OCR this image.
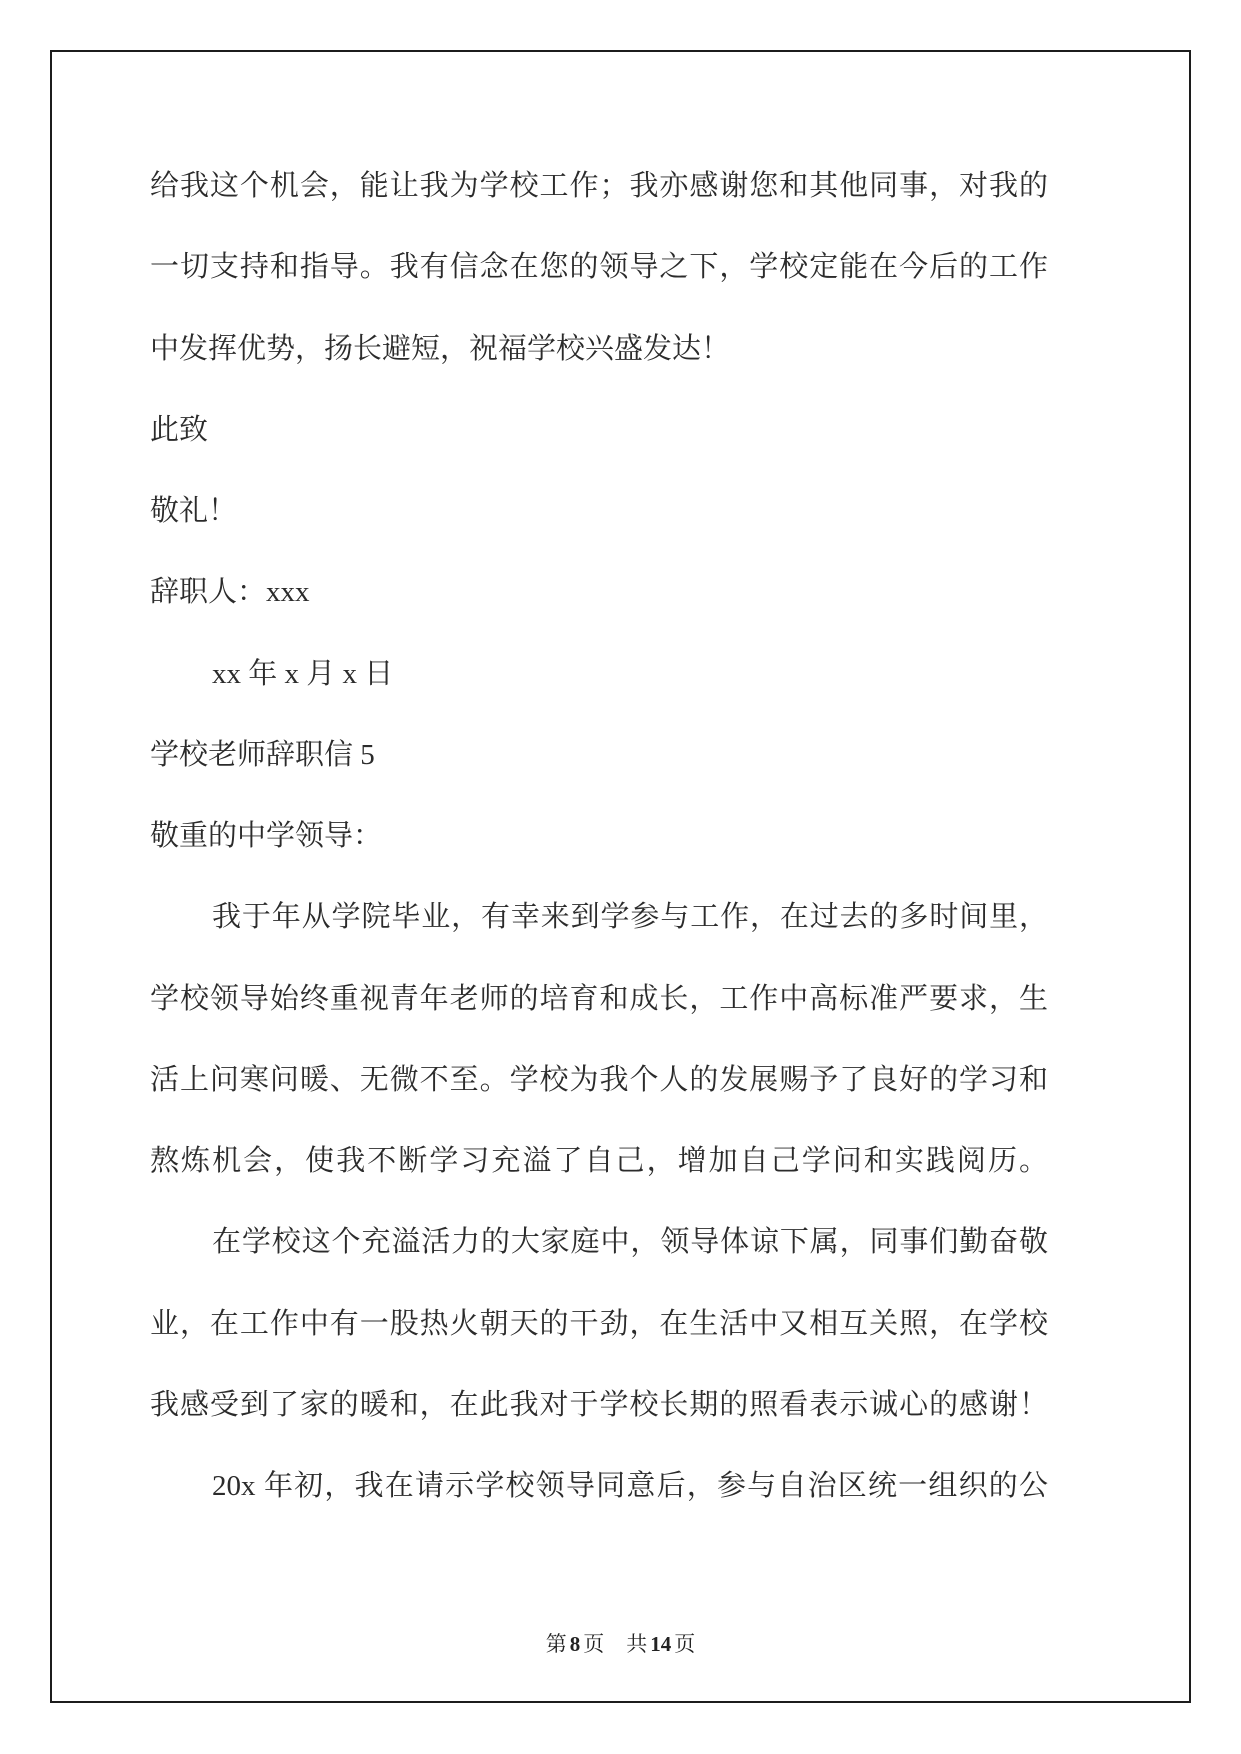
给我这个机会，能让我为学校工作；我亦感谢您和其他同事，对我的
一切支持和指导。我有信念在您的领导之下，学校定能在今后的工作
中发挥优势，扬长避短，祝福学校兴盛发达！
此致
敬礼！
辞职人：xxx
xx 年 x 月 x 日
学校老师辞职信 5
敬重的中学领导：
我于年从学院毕业，有幸来到学参与工作，在过去的多时间里，
学校领导始终重视青年老师的培育和成长，工作中高标准严要求，生
活上问寒问暖、无微不至。学校为我个人的发展赐予了良好的学习和
熬炼机会，使我不断学习充溢了自己，增加自己学问和实践阅历。
在学校这个充溢活力的大家庭中，领导体谅下属，同事们勤奋敬
业，在工作中有一股热火朝天的干劲，在生活中又相互关照，在学校
我感受到了家的暖和，在此我对于学校长期的照看表示诚心的感谢！
20x 年初，我在请示学校领导同意后，参与自治区统一组织的公
第 8 页 共 14 页
